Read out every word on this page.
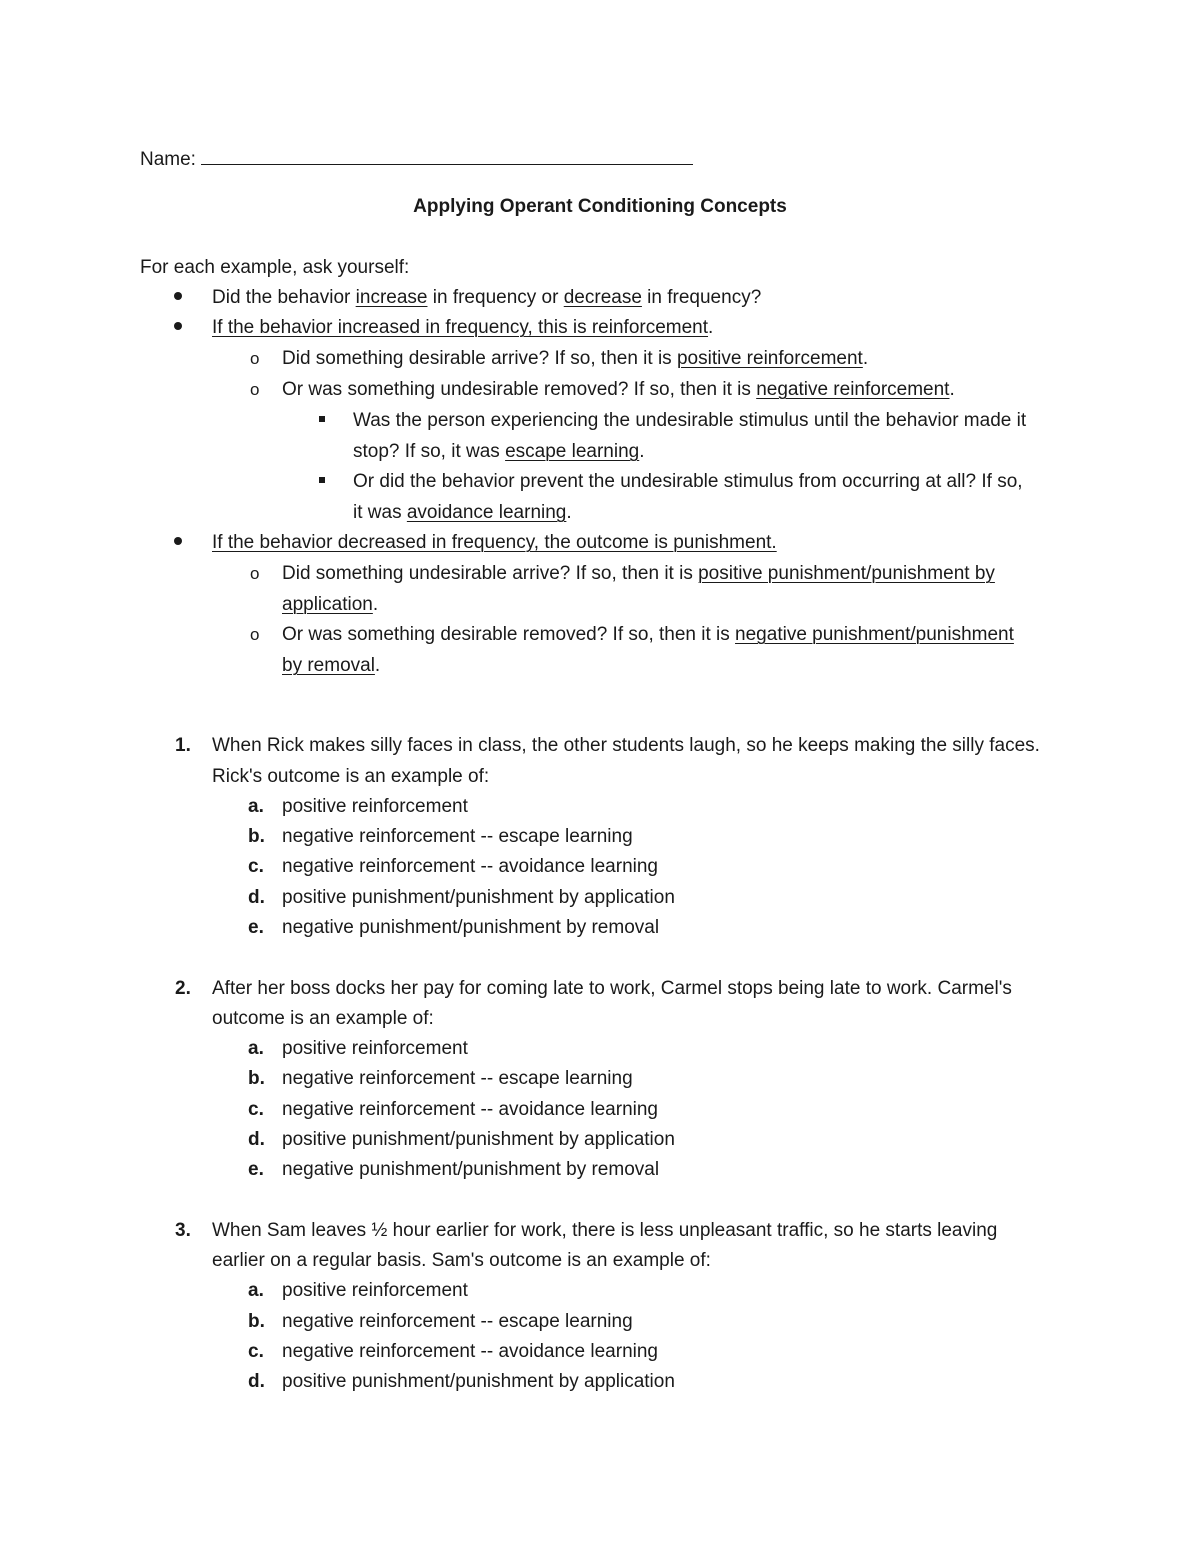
Name:
Applying Operant Conditioning Concepts
For each example, ask yourself:
Did the behavior increase in frequency or decrease in frequency?
If the behavior increased in frequency, this is reinforcement.
o Did something desirable arrive? If so, then it is positive reinforcement.
o Or was something undesirable removed? If so, then it is negative reinforcement.
Was the person experiencing the undesirable stimulus until the behavior made it
stop? If so, it was escape learning.
Or did the behavior prevent the undesirable stimulus from occurring at all? If so,
it was avoidance learning.
If the behavior decreased in frequency, the outcome is punishment.
o Did something undesirable arrive? If so, then it is positive punishment/punishment by
application.
o Or was something desirable removed? If so, then it is negative punishment/punishment
by removal.
1. When Rick makes silly faces in class, the other students laugh, so he keeps making the silly faces.
Rick's outcome is an example of:
a. positive reinforcement
b. negative reinforcement -- escape learning
c. negative reinforcement -- avoidance learning
d. positive punishment/punishment by application
e. negative punishment/punishment by removal
2. After her boss docks her pay for coming late to work, Carmel stops being late to work. Carmel's
outcome is an example of:
a. positive reinforcement
b. negative reinforcement -- escape learning
c. negative reinforcement -- avoidance learning
d. positive punishment/punishment by application
e. negative punishment/punishment by removal
3. When Sam leaves ½ hour earlier for work, there is less unpleasant traffic, so he starts leaving
earlier on a regular basis. Sam's outcome is an example of:
a. positive reinforcement
b. negative reinforcement -- escape learning
c. negative reinforcement -- avoidance learning
d. positive punishment/punishment by application
